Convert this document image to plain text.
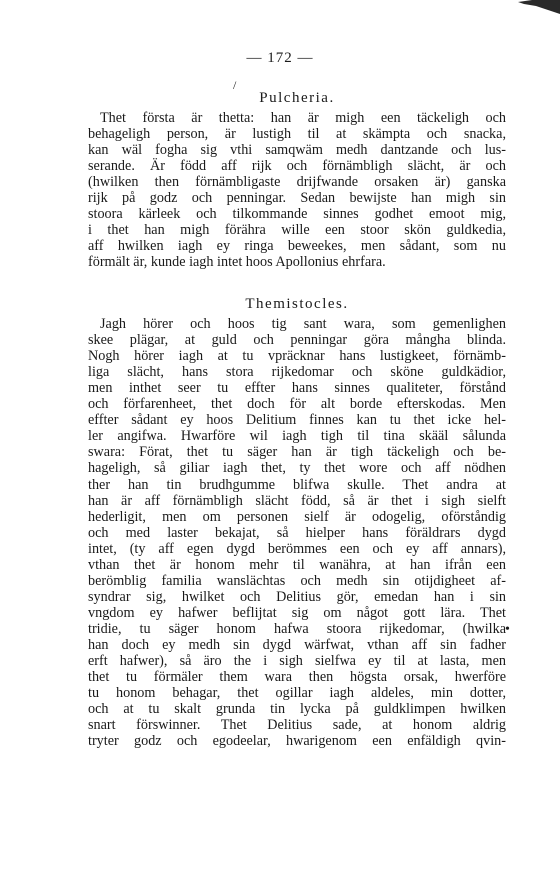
— 172 —
/
Pulcheria.
Thet första är thetta: han är migh een täckeligh och
behageligh person, är lustigh til at skämpta och snacka,
kan wäl fogha sig vthi samqwäm medh dantzande och lus-
serande. Är född aff rijk och förnämbligh slächt, är och
(hwilken then förnämbligaste drijfwande orsaken är) ganska
rijk på godz och penningar. Sedan bewijste han migh sin
stoora kärleek och tilkommande sinnes godhet emoot mig,
i thet han migh förähra wille een stoor skön guldkedia,
aff hwilken iagh ey ringa beweekes, men sådant, som nu
förmält är, kunde iagh intet hoos Apollonius ehrfara.
Themistocles.
Jagh hörer och hoos tig sant wara, som gemenlighen
skee plägar, at guld och penningar göra mångha blinda.
Nogh hörer iagh at tu vpräcknar hans lustigkeet, förnämb-
liga slächt, hans stora rijkedomar och sköne guldkädior,
men inthet seer tu effter hans sinnes qualiteter, förstånd
och förfarenheet, thet doch för alt borde efterskodas. Men
effter sådant ey hoos Delitium finnes kan tu thet icke hel-
ler angifwa. Hwarföre wil iagh tigh til tina skääl sålunda
swara: Förat, thet tu säger han är tigh täckeligh och be-
hageligh, så giliar iagh thet, ty thet wore och aff nödhen
ther han tin brudhgumme blifwa skulle. Thet andra at
han är aff förnämbligh slächt född, så är thet i sigh sielft
hederligit, men om personen sielf är odogelig, oförståndig
och med laster bekajat, så hielper hans föräldrars dygd
intet, (ty aff egen dygd berömmes een och ey aff annars),
vthan thet är honom mehr til wanähra, at han ifrån een
berömblig familia wanslächtas och medh sin otijdigheet af-
syndrar sig, hwilket och Delitius gör, emedan han i sin
vngdom ey hafwer beflijtat sig om något gott lära. Thet
tridie, tu säger honom hafwa stoora rijkedomar, (hwilka
han doch ey medh sin dygd wärfwat, vthan aff sin fadher
erft hafwer), så äro the i sigh sielfwa ey til at lasta, men
thet tu förmäler them wara then högsta orsak, hwerföre
tu honom behagar, thet ogillar iagh aldeles, min dotter,
och at tu skalt grunda tin lycka på guldklimpen hwilken
snart förswinner. Thet Delitius sade, at honom aldrig
tryter godz och egodeelar, hwarigenom een enfäldigh qvin-
•
